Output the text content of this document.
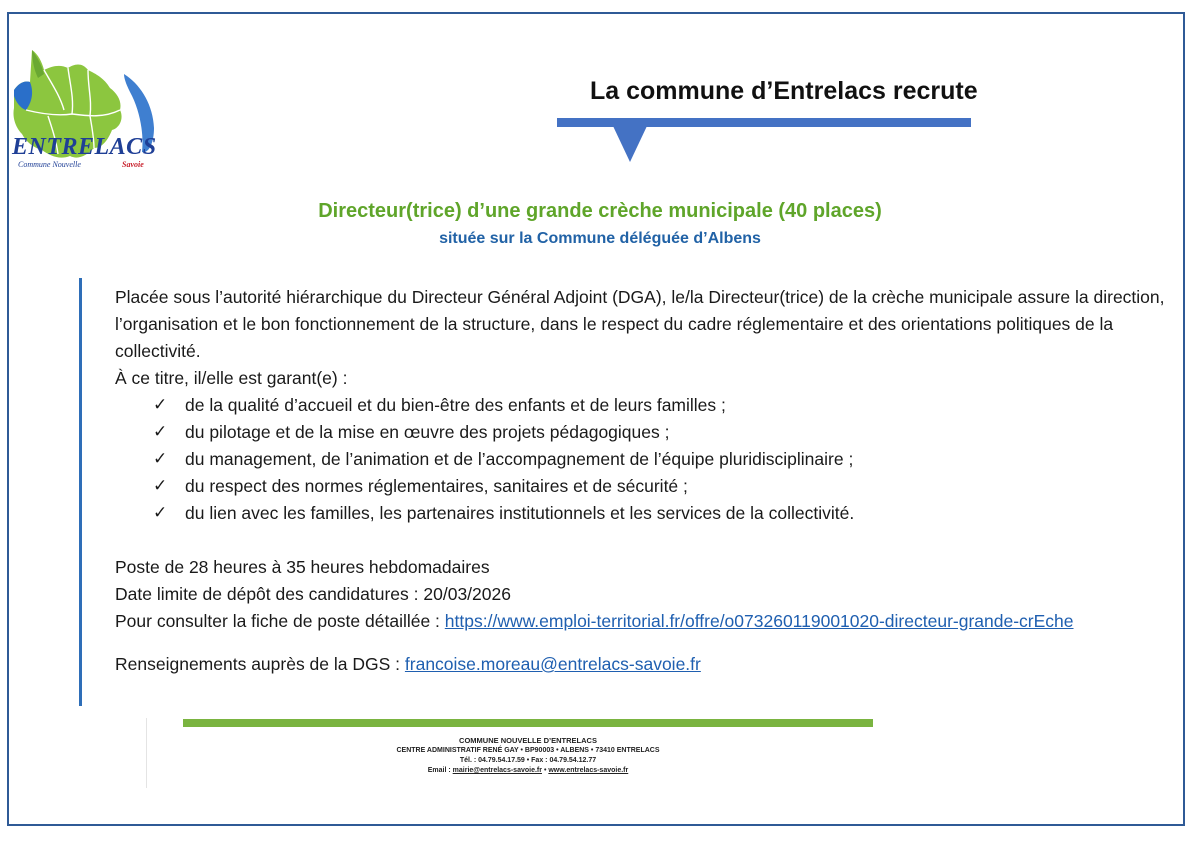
ENTRELACS
Commune Nouvelle	Savoie
La commune d’Entrelacs recrute
Directeur(trice) d’une grande crèche municipale (40 places)
située sur la Commune déléguée d’Albens

Placée sous l’autorité hiérarchique du Directeur Général Adjoint (DGA), le/la Directeur(trice) de la crèche municipale assure la direction, l’organisation et le bon fonctionnement de la structure, dans le respect du cadre réglementaire et des orientations politiques de la collectivité.

À ce titre, il/elle est garant(e) :

✓ de la qualité d’accueil et du bien-être des enfants et de leurs familles ;
✓ du pilotage et de la mise en œuvre des projets pédagogiques ;
✓ du management, de l’animation et de l’accompagnement de l’équipe pluridisciplinaire ;
✓ du respect des normes réglementaires, sanitaires et de sécurité ;
✓ du lien avec les familles, les partenaires institutionnels et les services de la collectivité.

Poste de 28 heures à 35 heures hebdomadaires

Date limite de dépôt des candidatures : 20/03/2026

Pour consulter la fiche de poste détaillée : https://www.emploi-territorial.fr/offre/o073260119001020-directeur-grande-crEche

Renseignements auprès de la DGS : francoise.moreau@entrelacs-savoie.fr

COMMUNE NOUVELLE D’ENTRELACS
CENTRE ADMINISTRATIF RENÉ GAY • BP90003 • ALBENS • 73410 ENTRELACS
Tél. : 04.79.54.17.59 • Fax : 04.79.54.12.77
Email : mairie@entrelacs-savoie.fr • www.entrelacs-savoie.fr
